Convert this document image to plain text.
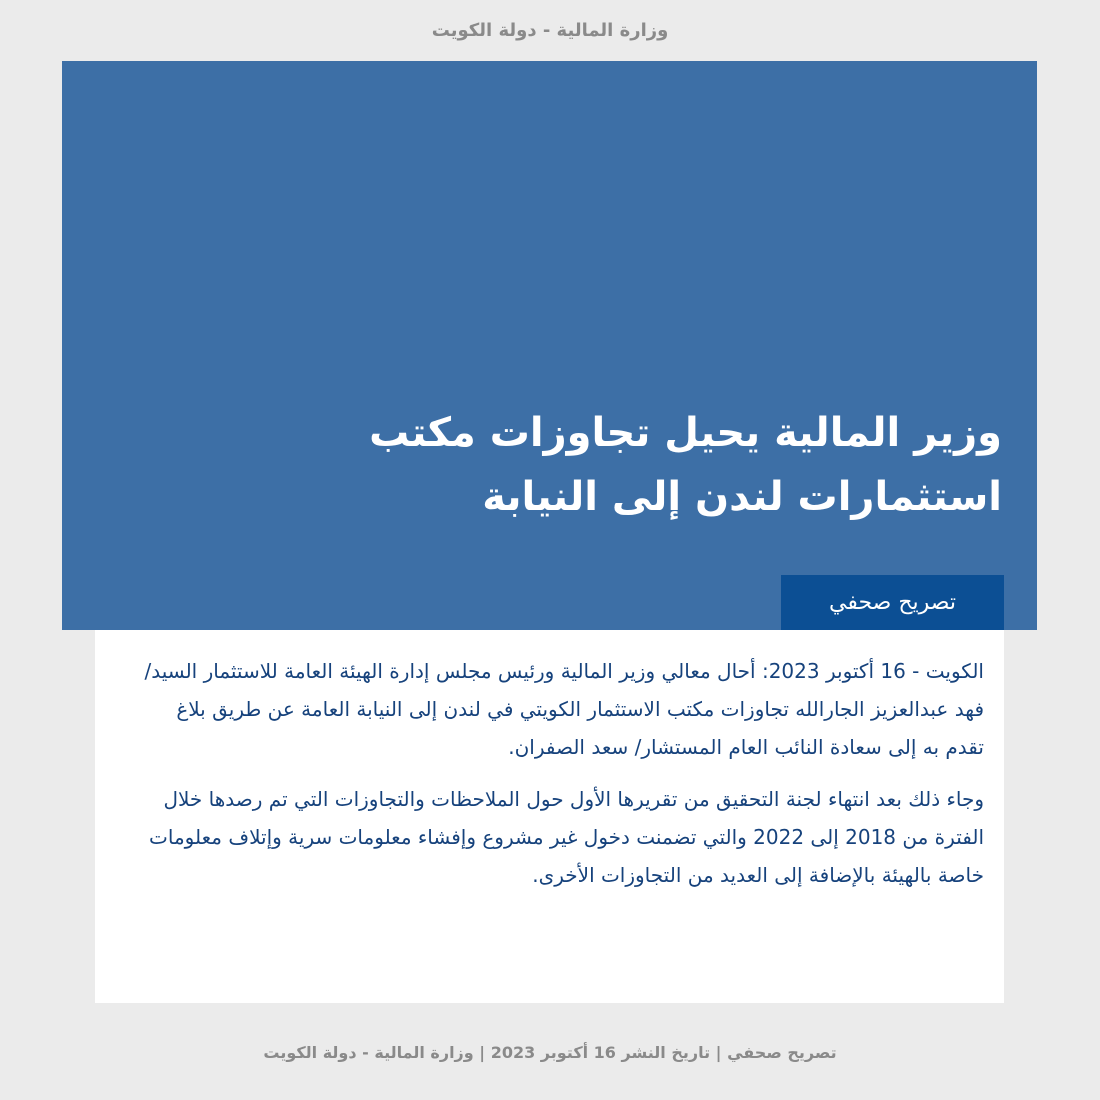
وزارة المالية - دولة الكويت
وزير المالية يحيل تجاوزات مكتب
استثمارات لندن إلى النيابة
تصريح صحفي

الكويت - 16 أكتوبر 2023: أحال معالي وزير المالية ورئيس مجلس إدارة الهيئة العامة للاستثمار السيد/ فهد عبدالعزيز الجارالله تجاوزات مكتب الاستثمار الكويتي في لندن إلى النيابة العامة عن طريق بلاغ تقدم به إلى سعادة النائب العام المستشار/ سعد الصفران.

وجاء ذلك بعد انتهاء لجنة التحقيق من تقريرها الأول حول الملاحظات والتجاوزات التي تم رصدها خلال الفترة من 2018 إلى 2022 والتي تضمنت دخول غير مشروع وإفشاء معلومات سرية وإتلاف معلومات خاصة بالهيئة بالإضافة إلى العديد من التجاوزات الأخرى.

تصريح صحفي | تاريخ النشر 16 أكتوبر 2023 | وزارة المالية - دولة الكويت
